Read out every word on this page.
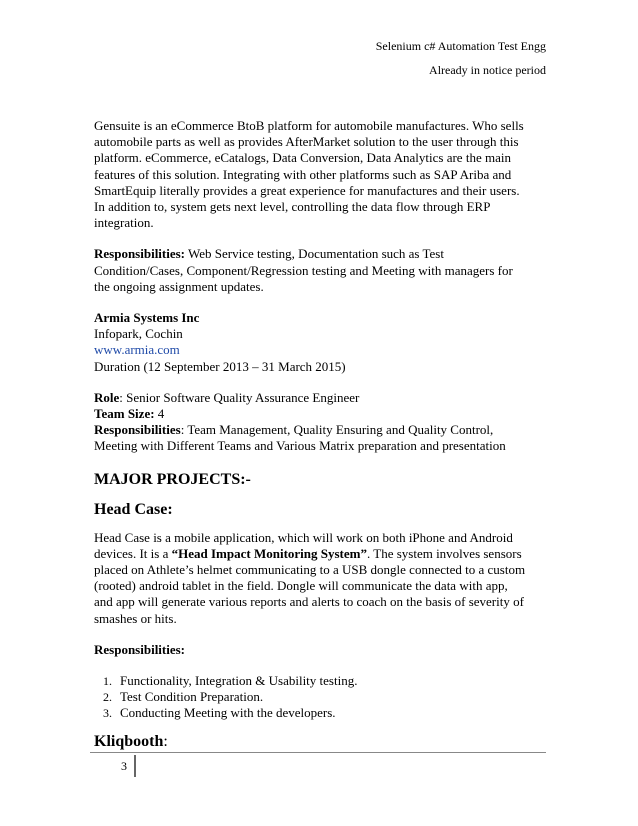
Selenium c# Automation Test Engg
Already in notice period

Gensuite is an eCommerce BtoB platform for automobile manufactures. Who sells

automobile parts as well as provides AfterMarket solution to the user through this

platform. eCommerce, eCatalogs, Data Conversion, Data Analytics are the main

features of this solution. Integrating with other platforms such as SAP Ariba and

SmartEquip literally provides a great experience for manufactures and their users.

In addition to, system gets next level, controlling the data flow through ERP

integration.

Responsibilities: Web Service testing, Documentation such as Test

Condition/Cases, Component/Regression testing and Meeting with managers for

the ongoing assignment updates.

Armia Systems Inc

Infopark, Cochin

www.armia.com

Duration (12 September 2013 – 31 March 2015)

Role: Senior Software Quality Assurance Engineer

Team Size: 4

Responsibilities: Team Management, Quality Ensuring and Quality Control,

Meeting with Different Teams and Various Matrix preparation and presentation

MAJOR PROJECTS:-
Head Case:

Head Case is a mobile application, which will work on both iPhone and Android

devices. It is a “Head Impact Monitoring System”. The system involves sensors

placed on Athlete’s helmet communicating to a USB dongle connected to a custom

(rooted) android tablet in the field. Dongle will communicate the data with app,

and app will generate various reports and alerts to coach on the basis of severity of

smashes or hits.

Responsibilities:

1. Functionality, Integration & Usability testing.
2. Test Condition Preparation.
3. Conducting Meeting with the developers.
Kliqbooth:
3
